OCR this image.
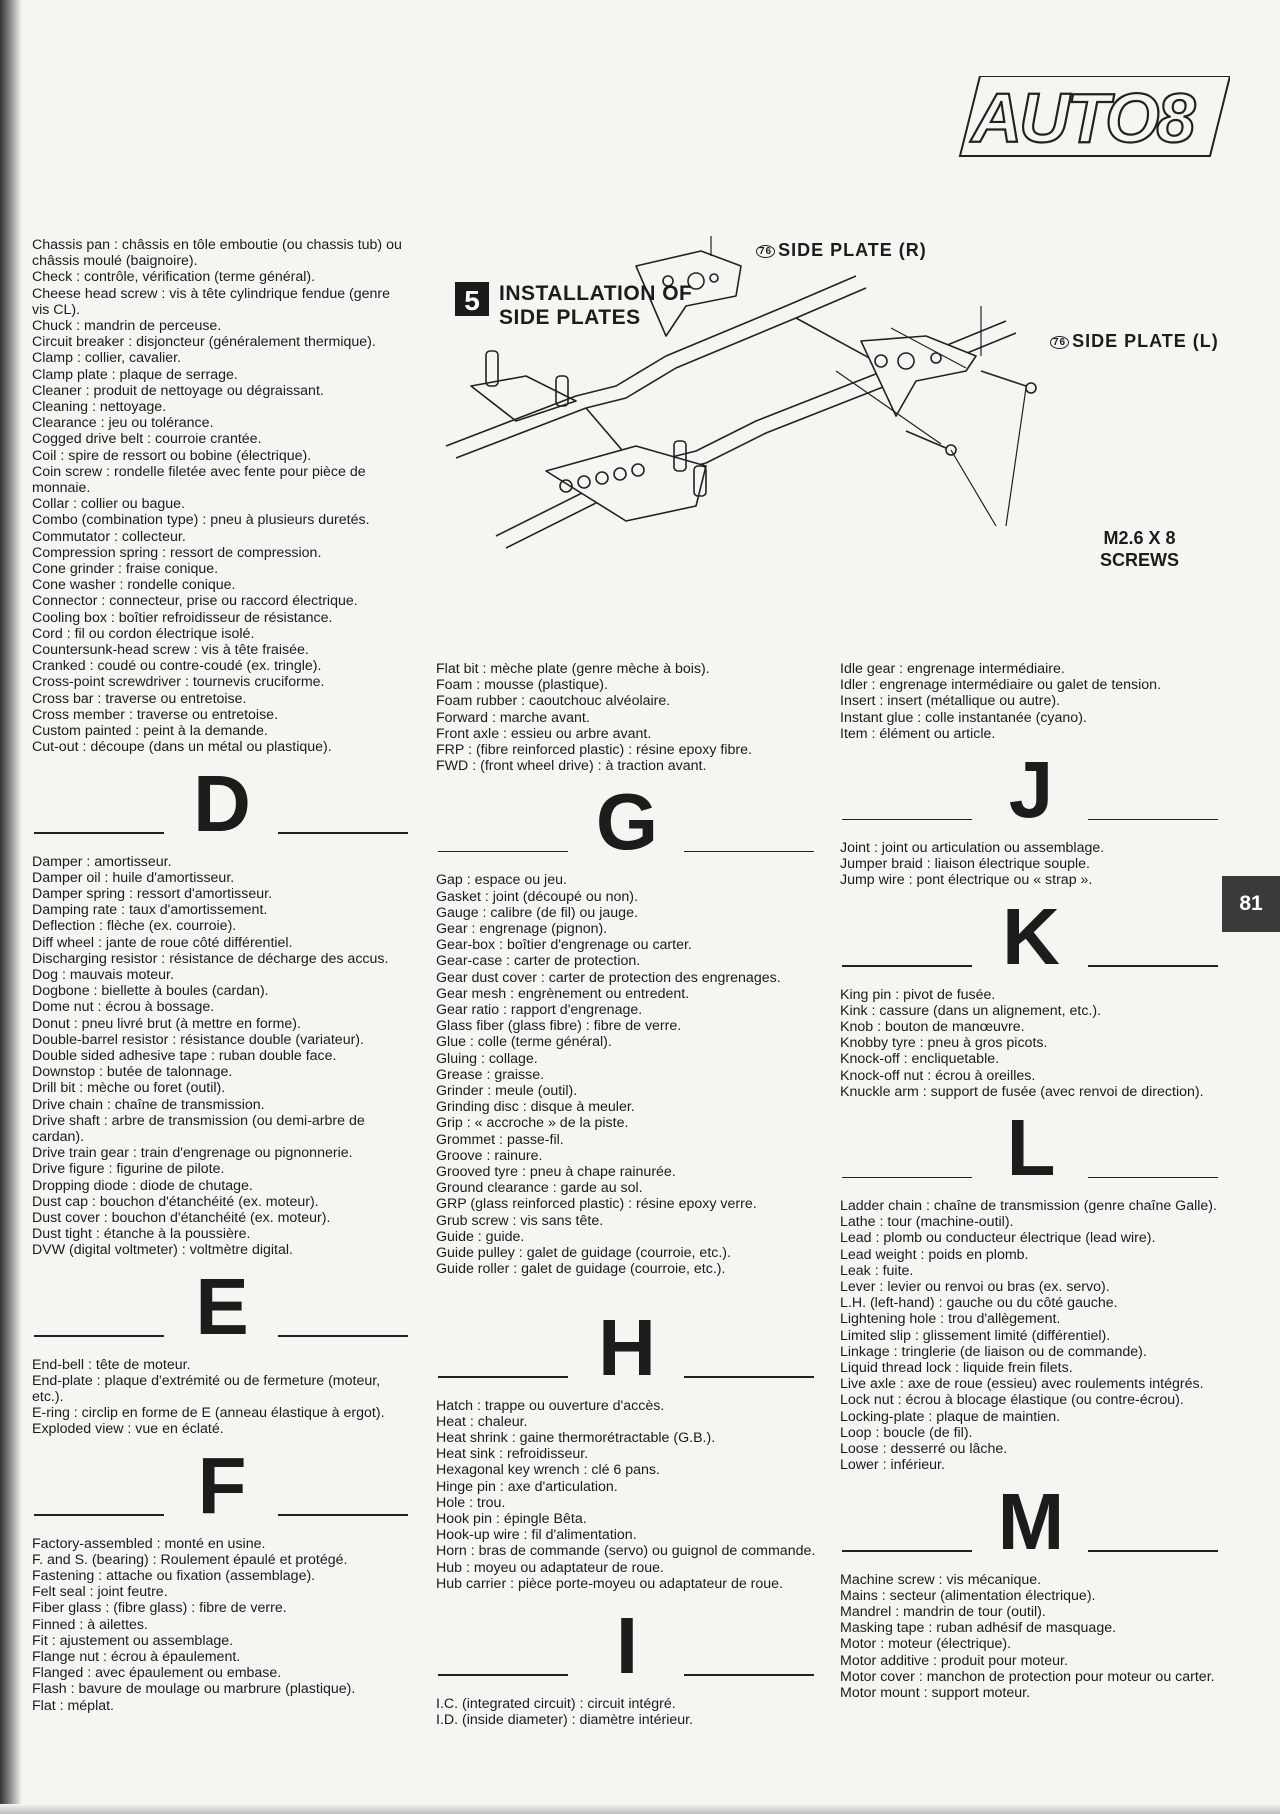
AUTO8

Chassis pan : châssis en tôle emboutie (ou chassis tub) ou châssis moulé (baignoire).

Check : contrôle, vérification (terme général).

Cheese head screw : vis à tête cylindrique fendue (genre vis CL).

Chuck : mandrin de perceuse.

Circuit breaker : disjoncteur (généralement thermique).

Clamp : collier, cavalier.

Clamp plate : plaque de serrage.

Cleaner : produit de nettoyage ou dégraissant.

Cleaning : nettoyage.

Clearance : jeu ou tolérance.

Cogged drive belt : courroie crantée.

Coil : spire de ressort ou bobine (électrique).

Coin screw : rondelle filetée avec fente pour pièce de monnaie.

Collar : collier ou bague.

Combo (combination type) : pneu à plusieurs duretés.

Commutator : collecteur.

Compression spring : ressort de compression.

Cone grinder : fraise conique.

Cone washer : rondelle conique.

Connector : connecteur, prise ou raccord électrique.

Cooling box : boîtier refroidisseur de résistance.

Cord : fil ou cordon électrique isolé.

Countersunk-head screw : vis à tête fraisée.

Cranked : coudé ou contre-coudé (ex. tringle).

Cross-point screwdriver : tournevis cruciforme.

Cross bar : traverse ou entretoise.

Cross member : traverse ou entretoise.

Custom painted : peint à la demande.

Cut-out : découpe (dans un métal ou plastique).

D

Damper : amortisseur.

Damper oil : huile d'amortisseur.

Damper spring : ressort d'amortisseur.

Damping rate : taux d'amortissement.

Deflection : flèche (ex. courroie).

Diff wheel : jante de roue côté différentiel.

Discharging resistor : résistance de décharge des accus.

Dog : mauvais moteur.

Dogbone : biellette à boules (cardan).

Dome nut : écrou à bossage.

Donut : pneu livré brut (à mettre en forme).

Double-barrel resistor : résistance double (variateur).

Double sided adhesive tape : ruban double face.

Downstop : butée de talonnage.

Drill bit : mèche ou foret (outil).

Drive chain : chaîne de transmission.

Drive shaft : arbre de transmission (ou demi-arbre de cardan).

Drive train gear : train d'engrenage ou pignonnerie.

Drive figure : figurine de pilote.

Dropping diode : diode de chutage.

Dust cap : bouchon d'étanchéité (ex. moteur).

Dust cover : bouchon d'étanchéité (ex. moteur).

Dust tight : étanche à la poussière.

DVW (digital voltmeter) : voltmètre digital.

E

End-bell : tête de moteur.

End-plate : plaque d'extrémité ou de fermeture (moteur, etc.).

E-ring : circlip en forme de E (anneau élastique à ergot).

Exploded view : vue en éclaté.

F

Factory-assembled : monté en usine.

F. and S. (bearing) : Roulement épaulé et protégé.

Fastening : attache ou fixation (assemblage).

Felt seal : joint feutre.

Fiber glass : (fibre glass) : fibre de verre.

Finned : à ailettes.

Fit : ajustement ou assemblage.

Flange nut : écrou à épaulement.

Flanged : avec épaulement ou embase.

Flash : bavure de moulage ou marbrure (plastique).

Flat : méplat.

5 INSTALLATION OF
SIDE PLATES
76 SIDE PLATE (R)
76 SIDE PLATE (L)
M2.6 X 8
SCREWS

Flat bit : mèche plate (genre mèche à bois).

Foam : mousse (plastique).

Foam rubber : caoutchouc alvéolaire.

Forward : marche avant.

Front axle : essieu ou arbre avant.

FRP : (fibre reinforced plastic) : résine epoxy fibre.

FWD : (front wheel drive) : à traction avant.

G

Gap : espace ou jeu.

Gasket : joint (découpé ou non).

Gauge : calibre (de fil) ou jauge.

Gear : engrenage (pignon).

Gear-box : boîtier d'engrenage ou carter.

Gear-case : carter de protection.

Gear dust cover : carter de protection des engrenages.

Gear mesh : engrènement ou entredent.

Gear ratio : rapport d'engrenage.

Glass fiber (glass fibre) : fibre de verre.

Glue : colle (terme général).

Gluing : collage.

Grease : graisse.

Grinder : meule (outil).

Grinding disc : disque à meuler.

Grip : « accroche » de la piste.

Grommet : passe-fil.

Groove : rainure.

Grooved tyre : pneu à chape rainurée.

Ground clearance : garde au sol.

GRP (glass reinforced plastic) : résine epoxy verre.

Grub screw : vis sans tête.

Guide : guide.

Guide pulley : galet de guidage (courroie, etc.).

Guide roller : galet de guidage (courroie, etc.).

H

Hatch : trappe ou ouverture d'accès.

Heat : chaleur.

Heat shrink : gaine thermorétractable (G.B.).

Heat sink : refroidisseur.

Hexagonal key wrench : clé 6 pans.

Hinge pin : axe d'articulation.

Hole : trou.

Hook pin : épingle Bêta.

Hook-up wire : fil d'alimentation.

Horn : bras de commande (servo) ou guignol de commande.

Hub : moyeu ou adaptateur de roue.

Hub carrier : pièce porte-moyeu ou adaptateur de roue.

I

I.C. (integrated circuit) : circuit intégré.

I.D. (inside diameter) : diamètre intérieur.

Idle gear : engrenage intermédiaire.

Idler : engrenage intermédiaire ou galet de tension.

Insert : insert (métallique ou autre).

Instant glue : colle instantanée (cyano).

Item : élément ou article.

J

Joint : joint ou articulation ou assemblage.

Jumper braid : liaison électrique souple.

Jump wire : pont électrique ou « strap ».

K

King pin : pivot de fusée.

Kink : cassure (dans un alignement, etc.).

Knob : bouton de manœuvre.

Knobby tyre : pneu à gros picots.

Knock-off : encliquetable.

Knock-off nut : écrou à oreilles.

Knuckle arm : support de fusée (avec renvoi de direction).

L

Ladder chain : chaîne de transmission (genre chaîne Galle).

Lathe : tour (machine-outil).

Lead : plomb ou conducteur électrique (lead wire).

Lead weight : poids en plomb.

Leak : fuite.

Lever : levier ou renvoi ou bras (ex. servo).

L.H. (left-hand) : gauche ou du côté gauche.

Lightening hole : trou d'allègement.

Limited slip : glissement limité (différentiel).

Linkage : tringlerie (de liaison ou de commande).

Liquid thread lock : liquide frein filets.

Live axle : axe de roue (essieu) avec roulements intégrés.

Lock nut : écrou à blocage élastique (ou contre-écrou).

Locking-plate : plaque de maintien.

Loop : boucle (de fil).

Loose : desserré ou lâche.

Lower : inférieur.

M

Machine screw : vis mécanique.

Mains : secteur (alimentation électrique).

Mandrel : mandrin de tour (outil).

Masking tape : ruban adhésif de masquage.

Motor : moteur (électrique).

Motor additive : produit pour moteur.

Motor cover : manchon de protection pour moteur ou carter.

Motor mount : support moteur.

81
